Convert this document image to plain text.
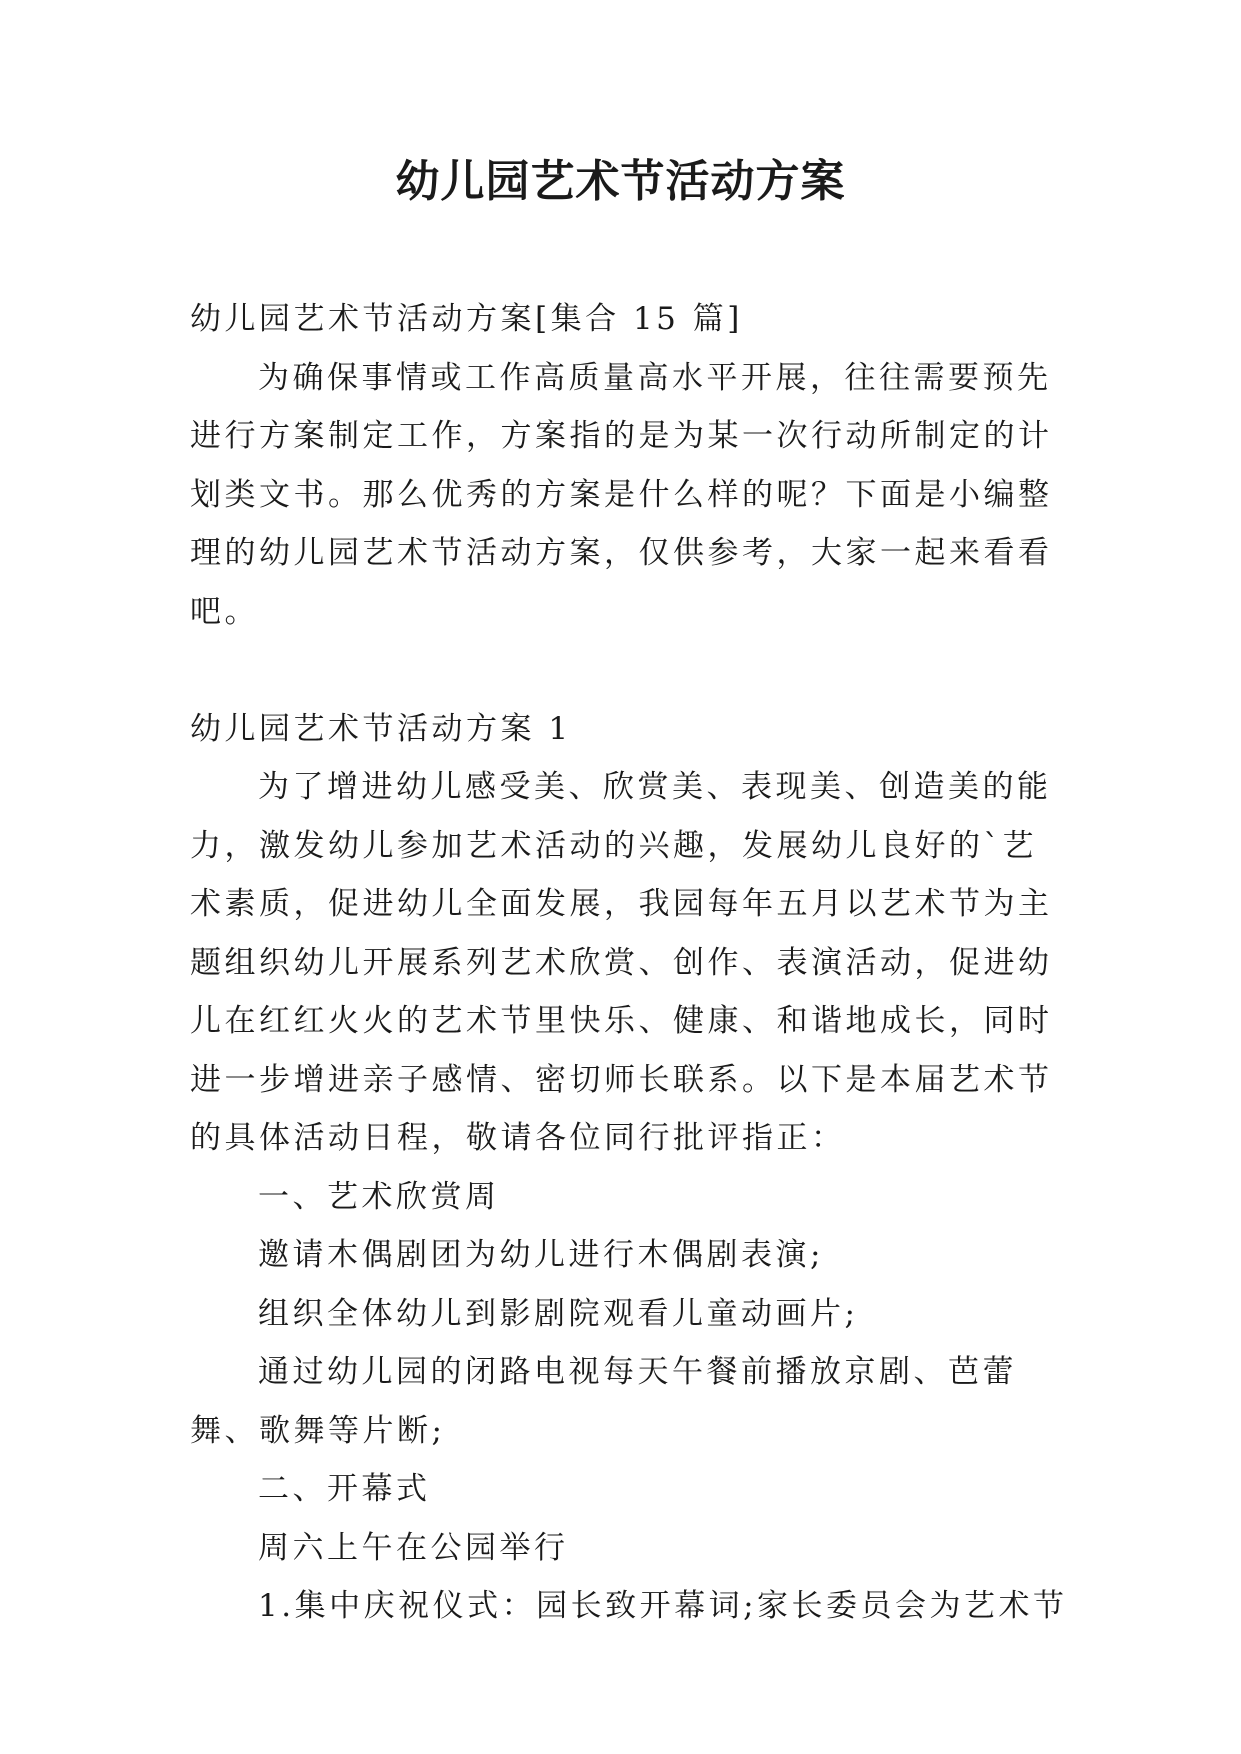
幼儿园艺术节活动方案

幼儿园艺术节活动方案[集合 15 篇]

为确保事情或工作高质量高水平开展，往往需要预先进行方案制定工作，方案指的是为某一次行动所制定的计划类文书。那么优秀的方案是什么样的呢？下面是小编整理的幼儿园艺术节活动方案，仅供参考，大家一起来看看吧。

幼儿园艺术节活动方案 1

为了增进幼儿感受美、欣赏美、表现美、创造美的能力，激发幼儿参加艺术活动的兴趣，发展幼儿良好的`艺术素质，促进幼儿全面发展，我园每年五月以艺术节为主题组织幼儿开展系列艺术欣赏、创作、表演活动，促进幼儿在红红火火的艺术节里快乐、健康、和谐地成长，同时进一步增进亲子感情、密切师长联系。以下是本届艺术节的具体活动日程，敬请各位同行批评指正：

一、艺术欣赏周

邀请木偶剧团为幼儿进行木偶剧表演;

组织全体幼儿到影剧院观看儿童动画片;

通过幼儿园的闭路电视每天午餐前播放京剧、芭蕾舞、歌舞等片断;

二、开幕式

周六上午在公园举行

1.集中庆祝仪式：园长致开幕词;家长委员会为艺术节
